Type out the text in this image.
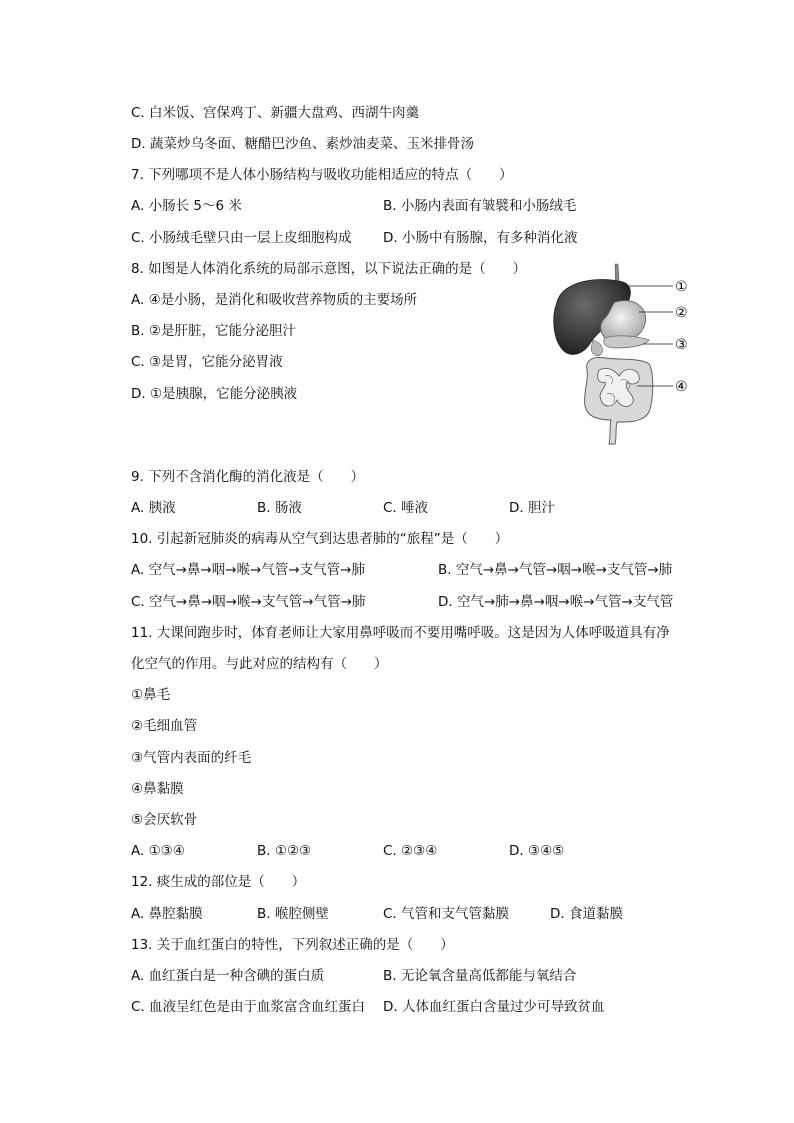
C. 白米饭、宫保鸡丁、新疆大盘鸡、西湖牛肉羹
D. 蔬菜炒乌冬面、糖醋巴沙鱼、素炒油麦菜、玉米排骨汤
7. 下列哪项不是人体小肠结构与吸收功能相适应的特点（　　）
A. 小肠长 5～6 米	B. 小肠内表面有皱襞和小肠绒毛
C. 小肠绒毛壁只由一层上皮细胞构成 D. 小肠中有肠腺，有多种消化液
8. 如图是人体消化系统的局部示意图，以下说法正确的是（　　）
A. ④是小肠，是消化和吸收营养物质的主要场所
B. ②是肝脏，它能分泌胆汁
C. ③是胃，它能分泌胃液
D. ①是胰腺，它能分泌胰液
①
②
③
④
9. 下列不含消化酶的消化液是（　　）
A. 胰液	B. 肠液	C. 唾液	D. 胆汁
10. 引起新冠肺炎的病毒从空气到达患者肺的“旅程”是（　　）
A. 空气→鼻→咽→喉→气管→支气管→肺	B. 空气→鼻→气管→咽→喉→支气管→肺
C. 空气→鼻→咽→喉→支气管→气管→肺	D. 空气→肺→鼻→咽→喉→气管→支气管
11. 大课间跑步时，体育老师让大家用鼻呼吸而不要用嘴呼吸。这是因为人体呼吸道具有净
化空气的作用。与此对应的结构有（　　）
①鼻毛
②毛细血管
③气管内表面的纤毛
④鼻黏膜
⑤会厌软骨
A. ①③④	B. ①②③	C. ②③④	D. ③④⑤
12. 痰生成的部位是（　　）
A. 鼻腔黏膜	B. 喉腔侧壁	C. 气管和支气管黏膜	D. 食道黏膜
13. 关于血红蛋白的特性，下列叙述正确的是（　　）
A. 血红蛋白是一种含碘的蛋白质	B. 无论氧含量高低都能与氧结合
C. 血液呈红色是由于血浆富含血红蛋白 D. 人体血红蛋白含量过少可导致贫血
